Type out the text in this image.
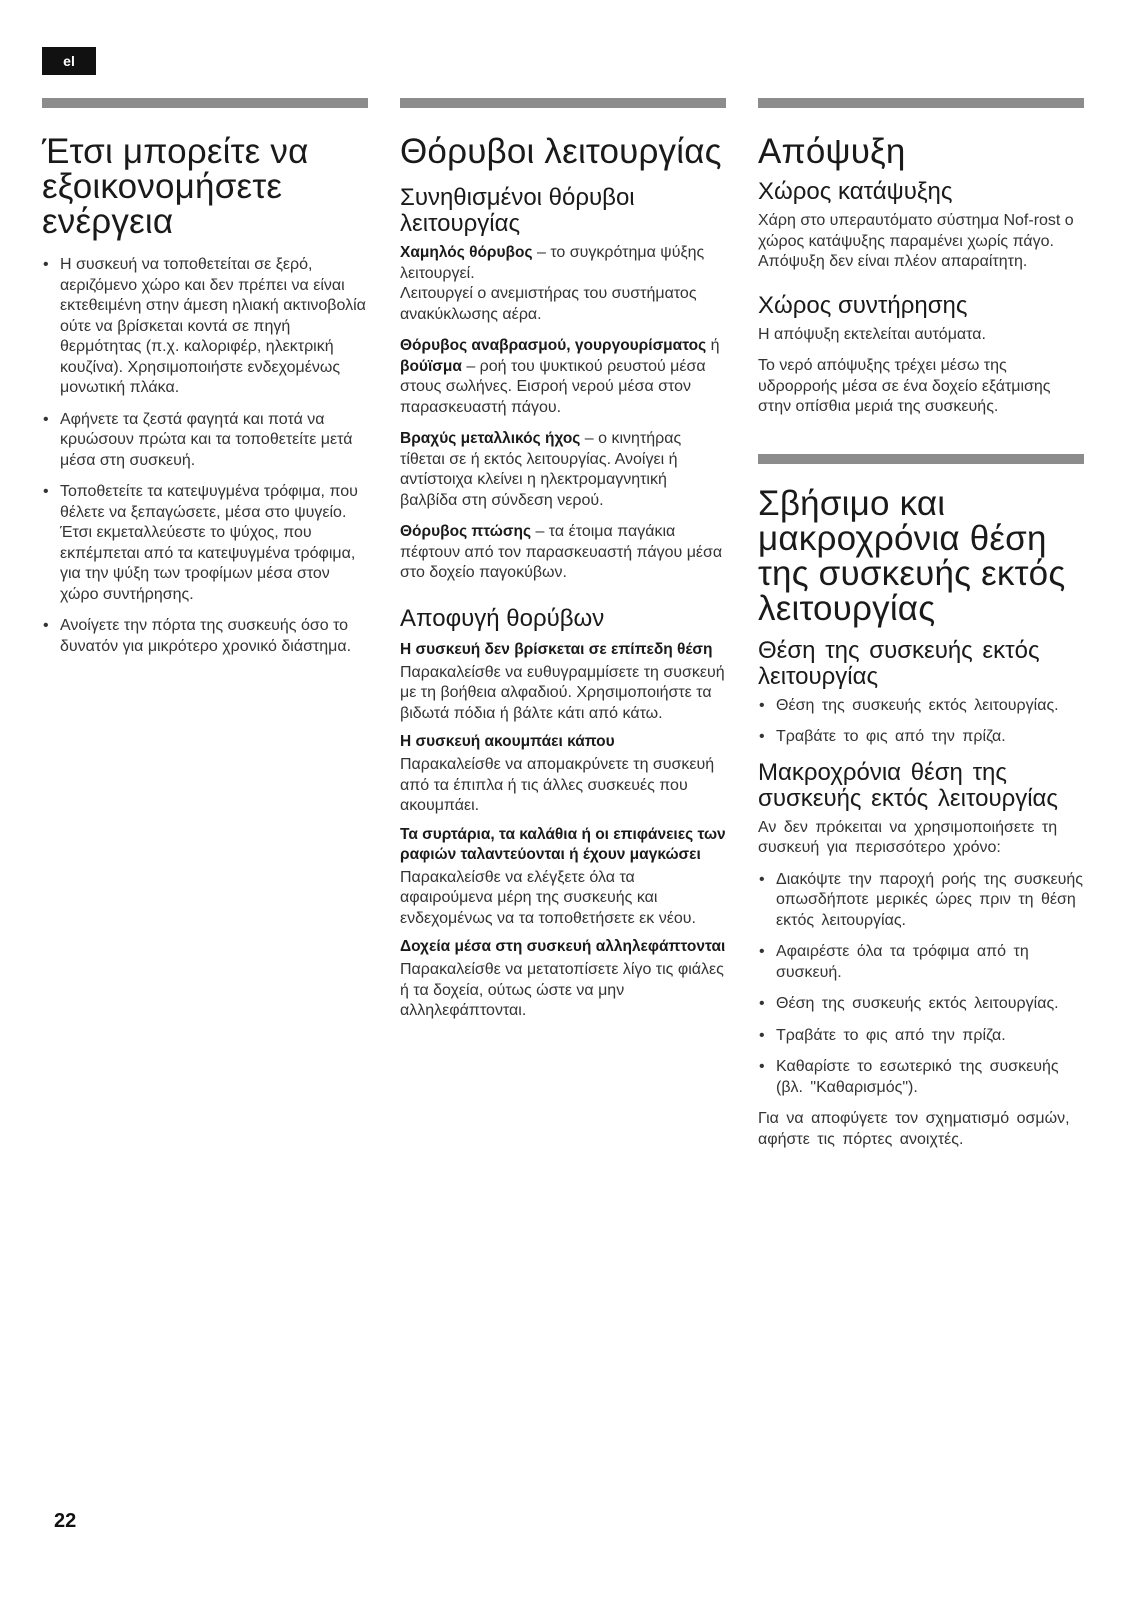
el
Έτσι μπορείτε να εξοικονομήσετε ενέργεια
• Η συσκευή να τοποθετείται σε ξερό, αεριζόμενο χώρο και δεν πρέπει να είναι εκτεθειμένη στην άμεση ηλιακή ακτινοβολία ούτε να βρίσκεται κοντά σε πηγή θερμότητας (π.χ. καλοριφέρ, ηλεκτρική κουζίνα). Χρησιμοποιήστε ενδεχομένως μονωτική πλάκα.
• Αφήνετε τα ζεστά φαγητά και ποτά να κρυώσουν πρώτα και τα τοποθετείτε μετά μέσα στη συσκευή.
• Τοποθετείτε τα κατεψυγμένα τρόφιμα, που θέλετε να ξεπαγώσετε, μέσα στο ψυγείο.
Έτσι εκμεταλλεύεστε το ψύχος, που εκπέμπεται από τα κατεψυγμένα τρόφιμα, για την ψύξη των τροφίμων μέσα στον χώρο συντήρησης.
• Ανοίγετε την πόρτα της συσκευής όσο το δυνατόν για μικρότερο χρονικό διάστημα.
Θόρυβοι λειτουργίας
Συνηθισμένοι θόρυβοι λειτουργίας

Χαμηλός θόρυβος – το συγκρότημα ψύξης λειτουργεί.
Λειτουργεί ο ανεμιστήρας του συστήματος ανακύκλωσης αέρα.

Θόρυβος αναβρασμού, γουργουρίσματος ή βούϊσμα – ροή του ψυκτικού ρευστού μέσα στους σωλήνες. Εισροή νερού μέσα στον παρασκευαστή πάγου.

Βραχύς μεταλλικός ήχος – ο κινητήρας τίθεται σε ή εκτός λειτουργίας. Ανοίγει ή αντίστοιχα κλείνει η ηλεκτρομαγνητική βαλβίδα στη σύνδεση νερού.

Θόρυβος πτώσης – τα έτοιμα παγάκια πέφτουν από τον παρασκευαστή πάγου μέσα στο δοχείο παγοκύβων.

Αποφυγή θορύβων
Η συσκευή δεν βρίσκεται σε επίπεδη θέση

Παρακαλείσθε να ευθυγραμμίσετε τη συσκευή με τη βοήθεια αλφαδιού. Χρησιμοποιήστε τα βιδωτά πόδια ή βάλτε κάτι από κάτω.

Η συσκευή ακουμπάει κάπου

Παρακαλείσθε να απομακρύνετε τη συσκευή από τα έπιπλα ή τις άλλες συσκευές που ακουμπάει.

Τα συρτάρια, τα καλάθια ή οι επιφάνειες των ραφιών ταλαντεύονται ή έχουν μαγκώσει

Παρακαλείσθε να ελέγξετε όλα τα αφαιρούμενα μέρη της συσκευής και ενδεχομένως να τα τοποθετήσετε εκ νέου.

Δοχεία μέσα στη συσκευή αλληλεφάπτονται

Παρακαλείσθε να μετατοπίσετε λίγο τις φιάλες ή τα δοχεία, ούτως ώστε να μην αλληλεφάπτονται.

Απόψυξη
Χώρος κατάψυξης

Χάρη στο υπεραυτόματο σύστημα Nof-rost ο χώρος κατάψυξης παραμένει χωρίς πάγο. Απόψυξη δεν είναι πλέον απαραίτητη.

Χώρος συντήρησης

Η απόψυξη εκτελείται αυτόματα.

Το νερό απόψυξης τρέχει μέσω της υδρορροής μέσα σε ένα δοχείο εξάτμισης στην οπίσθια μεριά της συσκευής.

Σβήσιμο και μακροχρόνια θέση της συσκευής εκτός λειτουργίας
Θέση της συσκευής εκτός λειτουργίας
• Θέση της συσκευής εκτός λειτουργίας.
• Τραβάτε το φις από την πρίζα.
Μακροχρόνια θέση της συσκευής εκτός λειτουργίας

Αν δεν πρόκειται να χρησιμοποιήσετε τη συσκευή για περισσότερο χρόνο:

• Διακόψτε την παροχή ροής της συσκευής οπωσδήποτε μερικές ώρες πριν τη θέση εκτός λειτουργίας.
• Αφαιρέστε όλα τα τρόφιμα από τη συσκευή.
• Θέση της συσκευής εκτός λειτουργίας.
• Τραβάτε το φις από την πρίζα.
• Καθαρίστε το εσωτερικό της συσκευής (βλ. "Καθαρισμός").

Για να αποφύγετε τον σχηματισμό οσμών, αφήστε τις πόρτες ανοιχτές.

22
